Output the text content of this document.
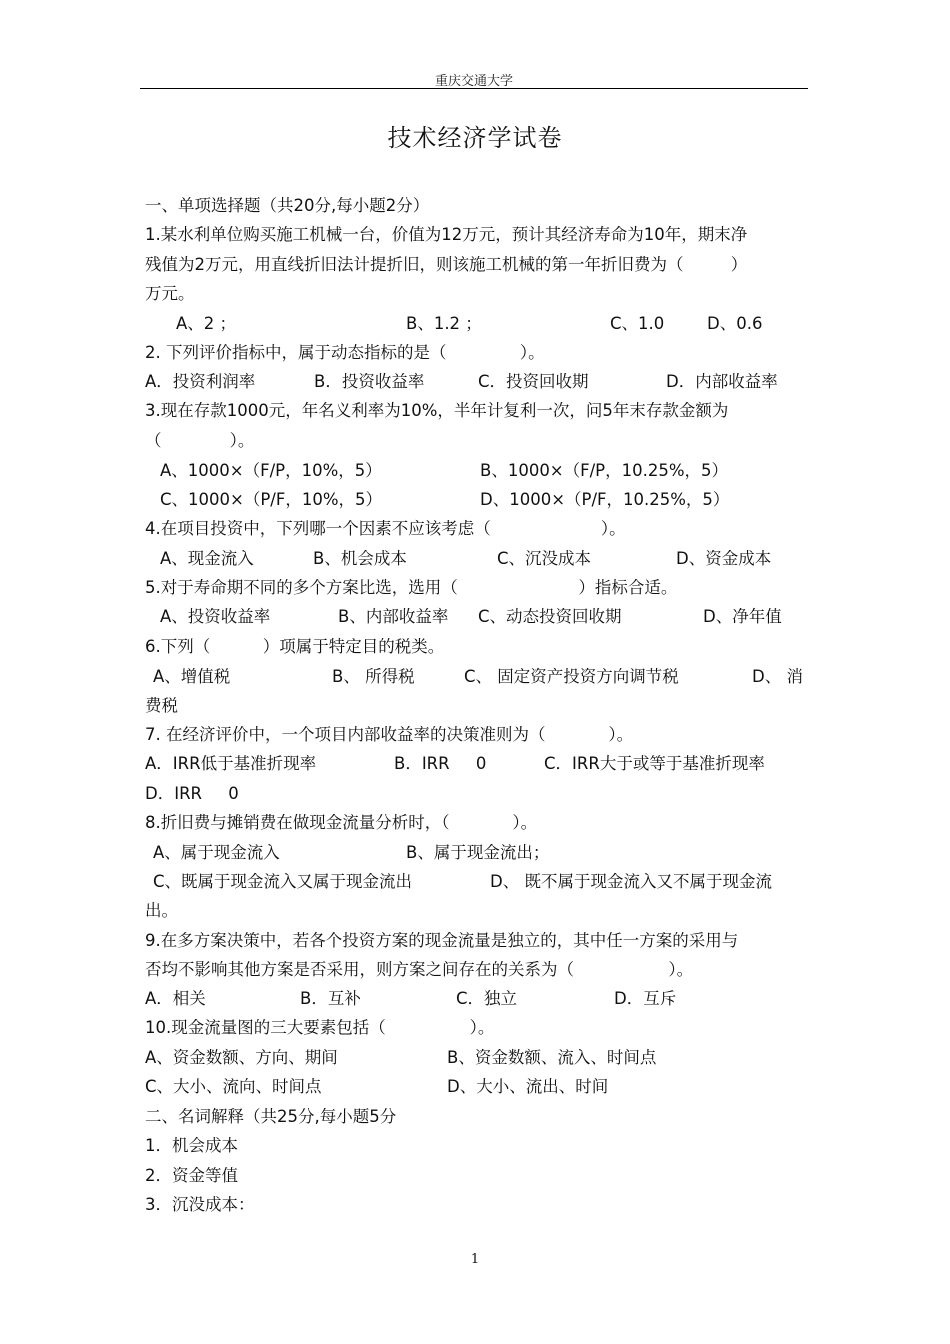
重庆交通大学
技术经济学试卷
一、单项选择题（共20分,每小题2分）
1.某水利单位购买施工机械一台，价值为12万元，预计其经济寿命为10年，期末净
残值为2万元，用直线折旧法计提折旧，则该施工机械的第一年折旧费为（         ）
万元。
A、2 ；	B、1.2 ；	C、1.0	D、0.6
2. 下列评价指标中，属于动态指标的是（              ）。
A．投资利润率	B．投资收益率	C．投资回收期	D．内部收益率
3.现在存款1000元，年名义利率为10%，半年计复利一次，问5年末存款金额为
（             ）。
A、1000×（F/P，10%，5）	B、1000×（F/P，10.25%，5）
C、1000×（P/F，10%，5）	D、1000×（P/F，10.25%，5）
4.在项目投资中，下列哪一个因素不应该考虑（                     ）。
A、现金流入	B、机会成本	C、沉没成本	D、资金成本
5.对于寿命期不同的多个方案比选，选用（                       ）指标合适。
A、投资收益率	B、内部收益率 C、动态投资回收期	D、净年值
6.下列（          ）项属于特定目的税类。
A、增值税	B、 所得税	C、 固定资产投资方向调节税	D、 消
费税
7. 在经济评价中，一个项目内部收益率的决策准则为（            ）。
A．IRR低于基准折现率	B．IRR     0	C．IRR大于或等于基准折现率
D．IRR     0
8.折旧费与摊销费在做现金流量分析时，（            ）。
A、属于现金流入	B、属于现金流出；
C、既属于现金流入又属于现金流出	D、 既不属于现金流入又不属于现金流
出。
9.在多方案决策中，若各个投资方案的现金流量是独立的，其中任一方案的采用与
否均不影响其他方案是否采用，则方案之间存在的关系为（                  ）。
A．相关	B．互补	C．独立	D．互斥
10.现金流量图的三大要素包括（                ）。
A、资金数额、方向、期间	B、资金数额、流入、时间点
C、大小、流向、时间点	D、大小、流出、时间
二、名词解释（共25分,每小题5分
1．机会成本
2．资金等值
3．沉没成本：
1
